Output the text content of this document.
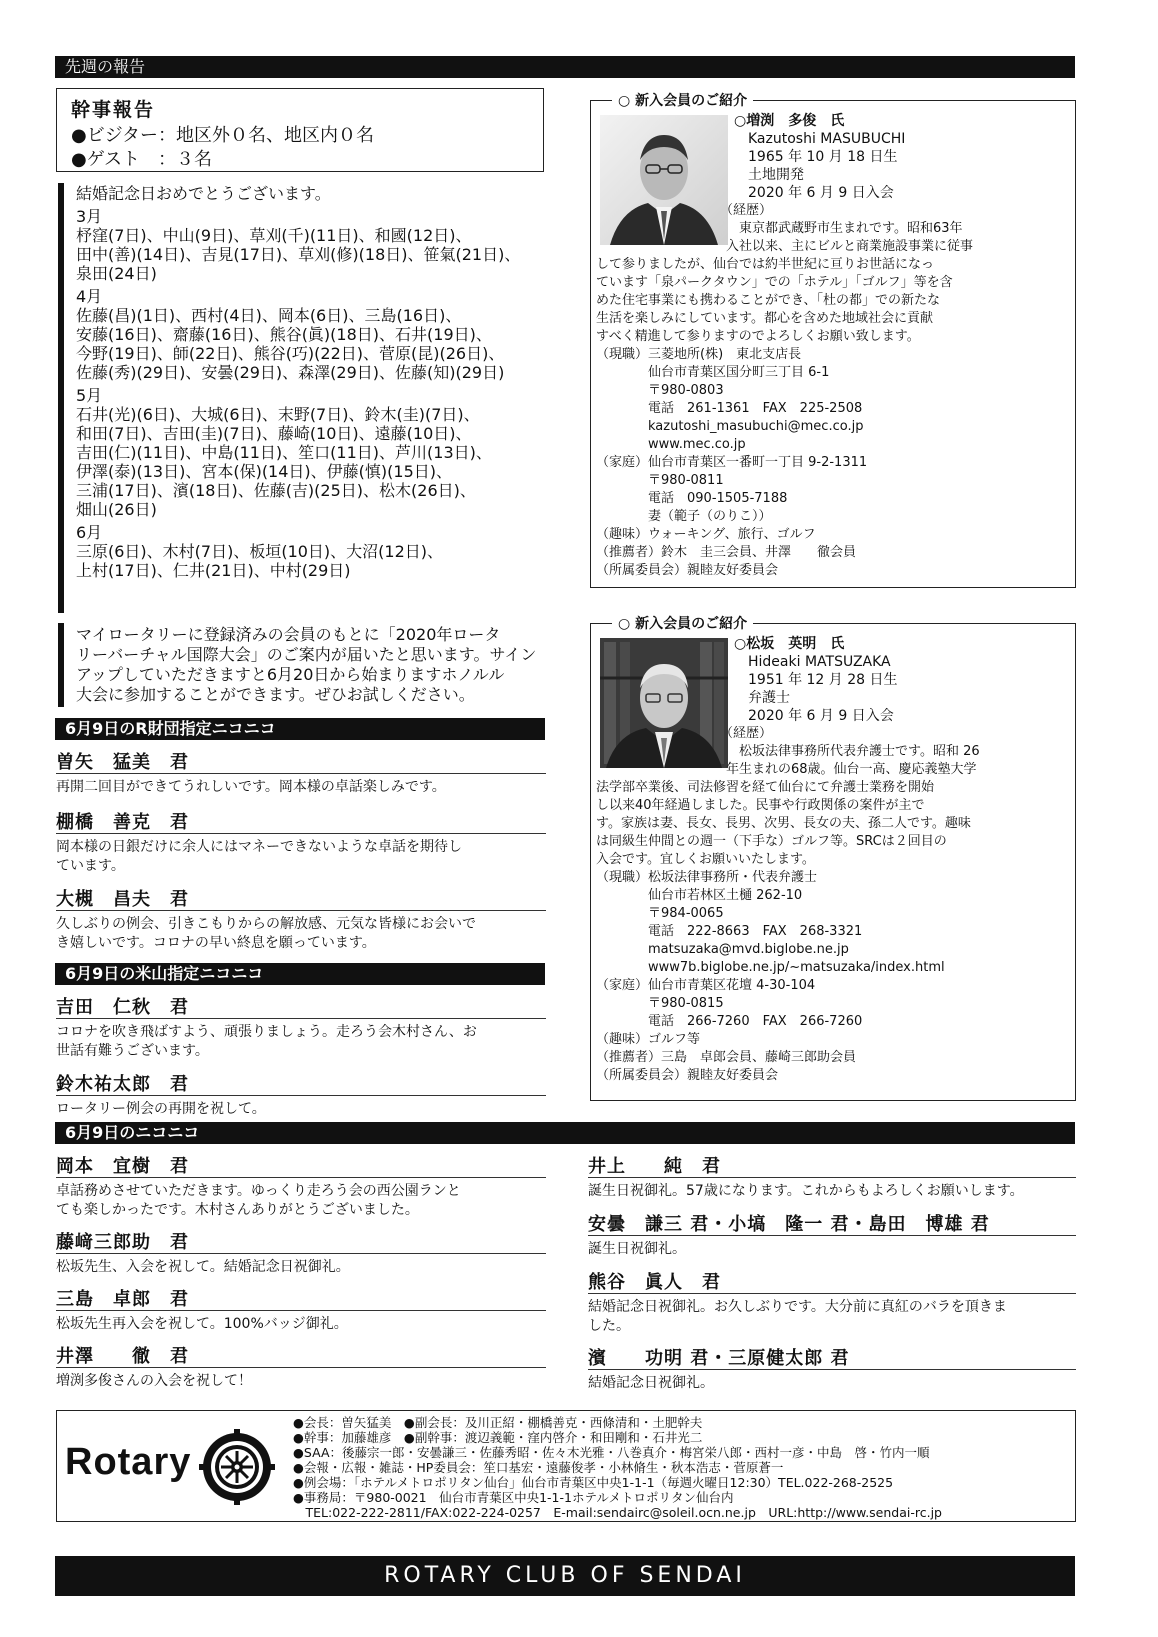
先週の報告
幹事報告
●ビジター：地区外０名、地区内０名
●ゲスト　：３名
結婚記念日おめでとうございます。
3月
杼窪(7日)、中山(9日)、草刈(千)(11日)、和國(12日)、
田中(善)(14日)、吉見(17日)、草刈(修)(18日)、笹氣(21日)、
泉田(24日)
4月
佐藤(昌)(1日)、西村(4日)、岡本(6日)、三島(16日)、
安藤(16日)、齋藤(16日)、熊谷(眞)(18日)、石井(19日)、
今野(19日)、師(22日)、熊谷(巧)(22日)、菅原(昆)(26日)、
佐藤(秀)(29日)、安曇(29日)、森澤(29日)、佐藤(知)(29日)
5月
石井(光)(6日)、大城(6日)、末野(7日)、鈴木(圭)(7日)、
和田(7日)、吉田(圭)(7日)、藤崎(10日)、遠藤(10日)、
吉田(仁)(11日)、中島(11日)、笙口(11日)、芦川(13日)、
伊澤(泰)(13日)、宮本(保)(14日)、伊藤(慎)(15日)、
三浦(17日)、濱(18日)、佐藤(吉)(25日)、松木(26日)、
畑山(26日)
6月
三原(6日)、木村(7日)、板垣(10日)、大沼(12日)、
上村(17日)、仁井(21日)、中村(29日)
マイロータリーに登録済みの会員のもとに「2020年ロータ
リーバーチャル国際大会」のご案内が届いたと思います。サイン
アップしていただきますと6月20日から始まりますホノルル
大会に参加することができます。ぜひお試しください。
6月9日のR財団指定ニコニコ
曽矢　猛美　君
再開二回目ができてうれしいです。岡本様の卓話楽しみです。
棚橋　善克　君
岡本様の日銀だけに余人にはマネーできないような卓話を期待し
ています。
大槻　昌夫　君
久しぶりの例会、引きこもりからの解放感、元気な皆様にお会いで
き嬉しいです。コロナの早い終息を願っています。
6月9日の米山指定ニコニコ
吉田　仁秋　君
コロナを吹き飛ばすよう、頑張りましょう。走ろう会木村さん、お
世話有難うございます。
鈴木祐太郎　君
ロータリー例会の再開を祝して。
○ 新入会員のご紹介
○増渕　多俊　氏
Kazutoshi MASUBUCHI
1965 年 10 月 18 日生
土地開発
2020 年 6 月 9 日入会
（経歴）
　東京都武蔵野市生まれです。昭和63年
入社以来、主にビルと商業施設事業に従事
して参りましたが、仙台では約半世紀に亘りお世話になっ
ています「泉パークタウン」での「ホテル」「ゴルフ」等を含
めた住宅事業にも携わることができ、「杜の都」での新たな
生活を楽しみにしています。都心を含めた地域社会に貢献
すべく精進して参りますのでよろしくお願い致します。
（現職）三菱地所(株)　東北支店長
　　　　仙台市青葉区国分町三丁目 6-1
　　　　〒980-0803
　　　　電話　261-1361　FAX　225-2508
　　　　kazutoshi_masubuchi@mec.co.jp
　　　　www.mec.co.jp
（家庭）仙台市青葉区一番町一丁目 9-2-1311
　　　　〒980-0811
　　　　電話　090-1505-7188
　　　　妻（範子（のりこ））
（趣味）ウォーキング、旅行、ゴルフ
（推薦者）鈴木　圭三会員、井澤　　徹会員
（所属委員会）親睦友好委員会
○ 新入会員のご紹介
○松坂　英明　氏
Hideaki MATSUZAKA
1951 年 12 月 28 日生
弁護士
2020 年 6 月 9 日入会
（経歴）
　松坂法律事務所代表弁護士です。昭和 26
年生まれの68歳。仙台一高、慶応義塾大学
法学部卒業後、司法修習を経て仙台にて弁護士業務を開始
し以来40年経過しました。民事や行政関係の案件が主で
す。家族は妻、長女、長男、次男、長女の夫、孫二人です。趣味
は同級生仲間との週一（下手な）ゴルフ等。SRCは２回目の
入会です。宜しくお願いいたします。
（現職）松坂法律事務所・代表弁護士
　　　　仙台市若林区土樋 262-10
　　　　〒984-0065
　　　　電話　222-8663　FAX　268-3321
　　　　matsuzaka@mvd.biglobe.ne.jp
　　　　www7b.biglobe.ne.jp/~matsuzaka/index.html
（家庭）仙台市青葉区花壇 4-30-104
　　　　〒980-0815
　　　　電話　266-7260　FAX　266-7260
（趣味）ゴルフ等
（推薦者）三島　卓郎会員、藤崎三郎助会員
（所属委員会）親睦友好委員会
6月9日のニコニコ
岡本　宜樹　君
卓話務めさせていただきます。ゆっくり走ろう会の西公園ランと
ても楽しかったです。木村さんありがとうございました。
藤﨑三郎助　君
松坂先生、入会を祝して。結婚記念日祝御礼。
三島　卓郎　君
松坂先生再入会を祝して。100%バッジ御礼。
井澤　　徹　君
増渕多俊さんの入会を祝して！
井上　　純　君
誕生日祝御礼。57歳になります。これからもよろしくお願いします。
安曇　謙三 君・小塙　隆一 君・島田　博雄 君
誕生日祝御礼。
熊谷　眞人　君
結婚記念日祝御礼。お久しぶりです。大分前に真紅のバラを頂きま
した。
濱　　功明 君・三原健太郎 君
結婚記念日祝御礼。
Rotary
●会長：曽矢猛美　●副会長：及川正紹・棚橋善克・西條清和・土肥幹夫
●幹事：加藤雄彦　●副幹事：渡辺義範・窪内啓介・和田剛和・石井光二
●SAA：後藤宗一郎・安曇謙三・佐藤秀昭・佐々木光雅・八巻真介・梅宮栄八郎・西村一彦・中島　啓・竹内一順
●会報・広報・雑誌・HP委員会：笙口基宏・遠藤俊孝・小林脩生・秋本浩志・菅原蒼一
●例会場：「ホテルメトロポリタン仙台」仙台市青葉区中央1-1-1（毎週火曜日12:30）TEL.022-268-2525
●事務局：〒980-0021　仙台市青葉区中央1-1-1ホテルメトロポリタン仙台内
　TEL:022-222-2811/FAX:022-224-0257　E-mail:sendairc@soleil.ocn.ne.jp　URL:http://www.sendai-rc.jp
ROTARY CLUB OF SENDAI
